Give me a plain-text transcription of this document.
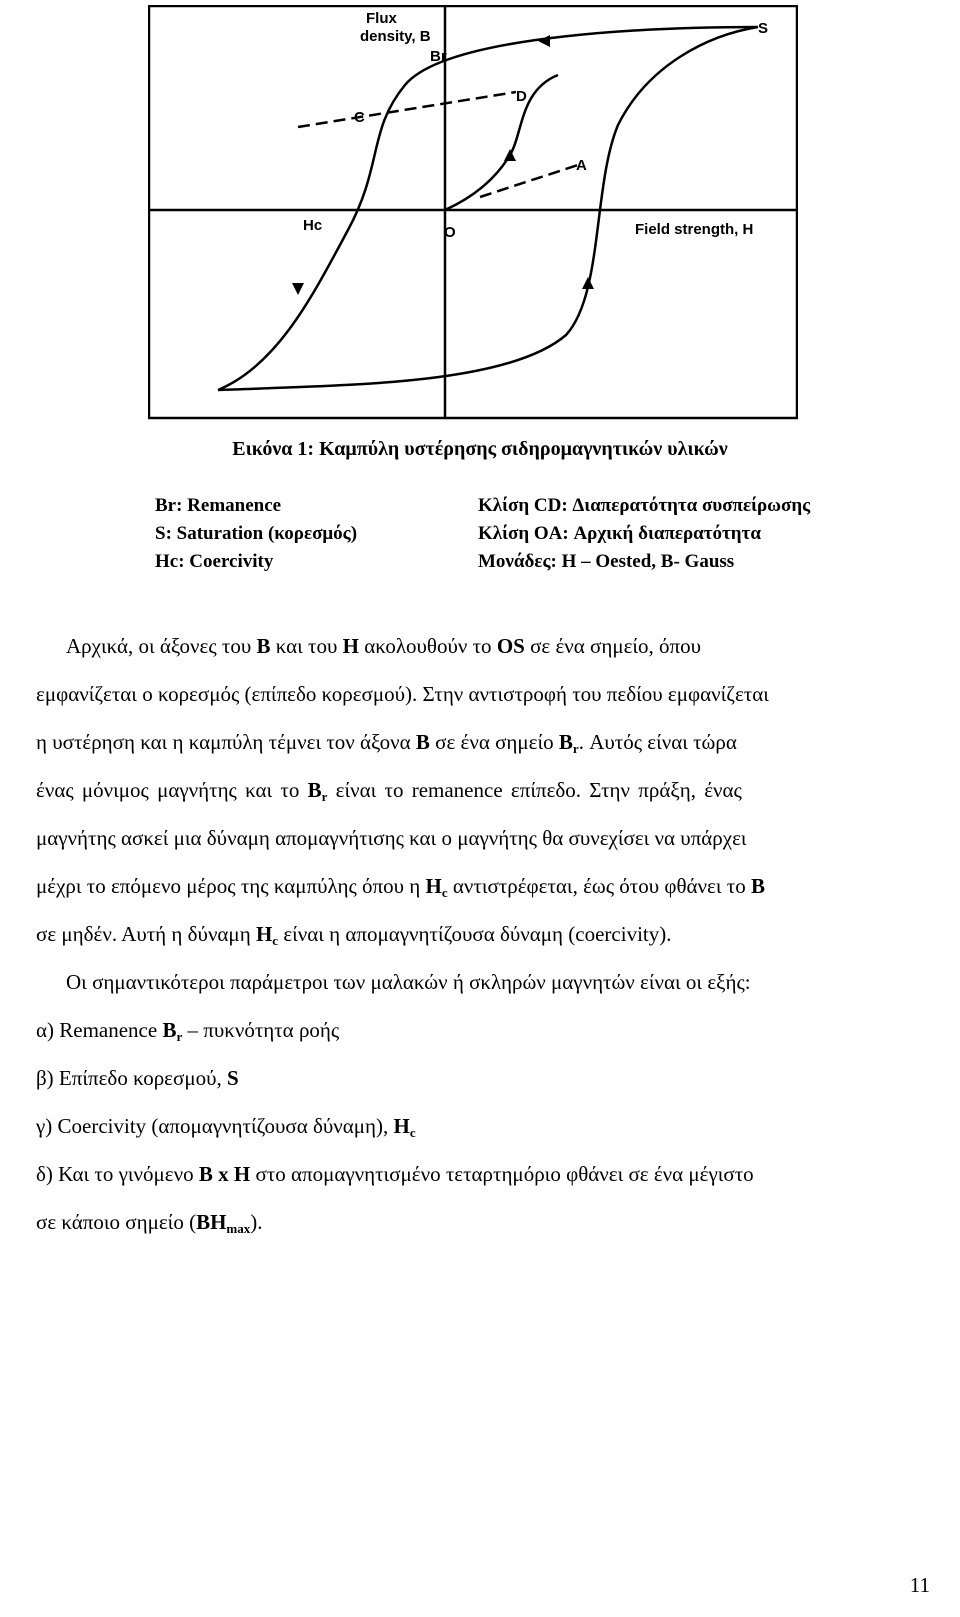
Flux
density, B
Br
S
C
D
A
O
Hc	Field strength, H
Εικόνα 1: Καμπύλη υστέρησης σιδηρομαγνητικών υλικών
Br: Remanence
S: Saturation (κορεσμός)
Hc: Coercivity
Κλίση CD: Διαπερατότητα συσπείρωσης
Κλίση OA: Αρχική διαπερατότητα
Μονάδες: H – Oested, B- Gauss
Αρχικά, οι άξονες του B και του H ακολουθούν το OS σε ένα σημείο, όπου
εμφανίζεται ο κορεσμός (επίπεδο κορεσμού). Στην αντιστροφή του πεδίου εμφανίζεται
η υστέρηση και η καμπύλη τέμνει τον άξονα B σε ένα σημείο $B_r$. Αυτός είναι τώρα
ένας μόνιμος μαγνήτης και το $B_r$ είναι το remanence επίπεδο. Στην πράξη, ένας
μαγνήτης ασκεί μια δύναμη απομαγνήτισης και ο μαγνήτης θα συνεχίσει να υπάρχει
μέχρι το επόμενο μέρος της καμπύλης όπου η $H_c$ αντιστρέφεται, έως ότου φθάνει το B
σε μηδέν. Αυτή η δύναμη $H_c$ είναι η απομαγνητίζουσα δύναμη (coercivity).
Οι σημαντικότεροι παράμετροι των μαλακών ή σκληρών μαγνητών είναι οι εξής:
α) Remanence $B_r$ – πυκνότητα ροής
β) Επίπεδο κορεσμού, S
γ) Coercivity (απομαγνητίζουσα δύναμη), $H_c$
δ) Και το γινόμενο B x H στο απομαγνητισμένο τεταρτημόριο φθάνει σε ένα μέγιστο
σε κάποιο σημείο $(BH_{max})$.
11
